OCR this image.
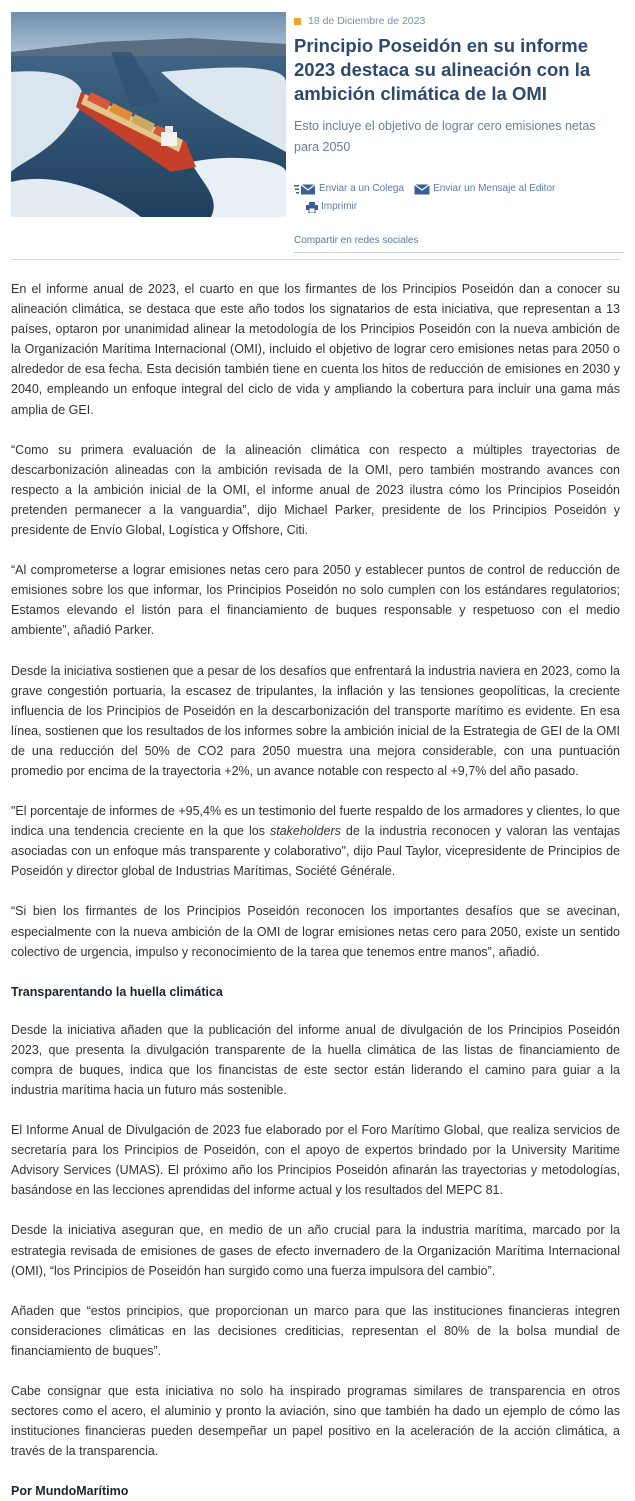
18 de Diciembre de 2023
Principio Poseidón en su informe 2023 destaca su alineación con la ambición climática de la OMI

Esto incluye el objetivo de lograr cero emisiones netas para 2050

Enviar a un Colega	Enviar un Mensaje al Editor
Imprimir
Compartir en redes sociales

En el informe anual de 2023, el cuarto en que los firmantes de los Principios Poseidón dan a conocer su alineación climática, se destaca que este año todos los signatarios de esta iniciativa, que representan a 13 países, optaron por unanimidad alinear la metodología de los Principios Poseidón con la nueva ambición de la Organización Marítima Internacional (OMI), incluido el objetivo de lograr cero emisiones netas para 2050 o alrededor de esa fecha. Esta decisión también tiene en cuenta los hitos de reducción de emisiones en 2030 y 2040, empleando un enfoque integral del ciclo de vida y ampliando la cobertura para incluir una gama más amplia de GEI.

“Como su primera evaluación de la alineación climática con respecto a múltiples trayectorias de descarbonización alineadas con la ambición revisada de la OMI, pero también mostrando avances con respecto a la ambición inicial de la OMI, el informe anual de 2023 ilustra cómo los Principios Poseidón pretenden permanecer a la vanguardia”, dijo Michael Parker, presidente de los Principios Poseidón y presidente de Envío Global, Logística y Offshore, Citi.

“Al comprometerse a lograr emisiones netas cero para 2050 y establecer puntos de control de reducción de emisiones sobre los que informar, los Principios Poseidón no solo cumplen con los estándares regulatorios; Estamos elevando el listón para el financiamiento de buques responsable y respetuoso con el medio ambiente”, añadió Parker.

Desde la iniciativa sostienen que a pesar de los desafíos que enfrentará la industria naviera en 2023, como la grave congestión portuaria, la escasez de tripulantes, la inflación y las tensiones geopolíticas, la creciente influencia de los Principios de Poseidón en la descarbonización del transporte marítimo es evidente. En esa línea, sostienen que los resultados de los informes sobre la ambición inicial de la Estrategia de GEI de la OMI de una reducción del 50% de CO2 para 2050 muestra una mejora considerable, con una puntuación promedio por encima de la trayectoria +2%, un avance notable con respecto al +9,7% del año pasado.

"El porcentaje de informes de +95,4% es un testimonio del fuerte respaldo de los armadores y clientes, lo que indica una tendencia creciente en la que los stakeholders de la industria reconocen y valoran las ventajas asociadas con un enfoque más transparente y colaborativo", dijo Paul Taylor, vicepresidente de Principios de Poseidón y director global de Industrias Marítimas, Société Générale.

“Si bien los firmantes de los Principios Poseidón reconocen los importantes desafíos que se avecinan, especialmente con la nueva ambición de la OMI de lograr emisiones netas cero para 2050, existe un sentido colectivo de urgencia, impulso y reconocimiento de la tarea que tenemos entre manos”, añadió.

Transparentando la huella climática

Desde la iniciativa añaden que la publicación del informe anual de divulgación de los Principios Poseidón 2023, que presenta la divulgación transparente de la huella climática de las listas de financiamiento de compra de buques, indica que los financistas de este sector están liderando el camino para guiar a la industria marítima hacia un futuro más sostenible.

El Informe Anual de Divulgación de 2023 fue elaborado por el Foro Marítimo Global, que realiza servicios de secretaría para los Principios de Poseidón, con el apoyo de expertos brindado por la University Maritime Advisory Services (UMAS). El próximo año los Principios Poseidón afinarán las trayectorias y metodologías, basándose en las lecciones aprendidas del informe actual y los resultados del MEPC 81.

Desde la iniciativa aseguran que, en medio de un año crucial para la industria marítima, marcado por la estrategia revisada de emisiones de gases de efecto invernadero de la Organización Marítima Internacional (OMI), “los Principios de Poseidón han surgido como una fuerza impulsora del cambio”.

Añaden que “estos principios, que proporcionan un marco para que las instituciones financieras integren consideraciones climáticas en las decisiones crediticias, representan el 80% de la bolsa mundial de financiamiento de buques”.

Cabe consignar que esta iniciativa no solo ha inspirado programas similares de transparencia en otros sectores como el acero, el aluminio y pronto la aviación, sino que también ha dado un ejemplo de cómo las instituciones financieras pueden desempeñar un papel positivo en la aceleración de la acción climática, a través de la transparencia.

Por MundoMarítimo
